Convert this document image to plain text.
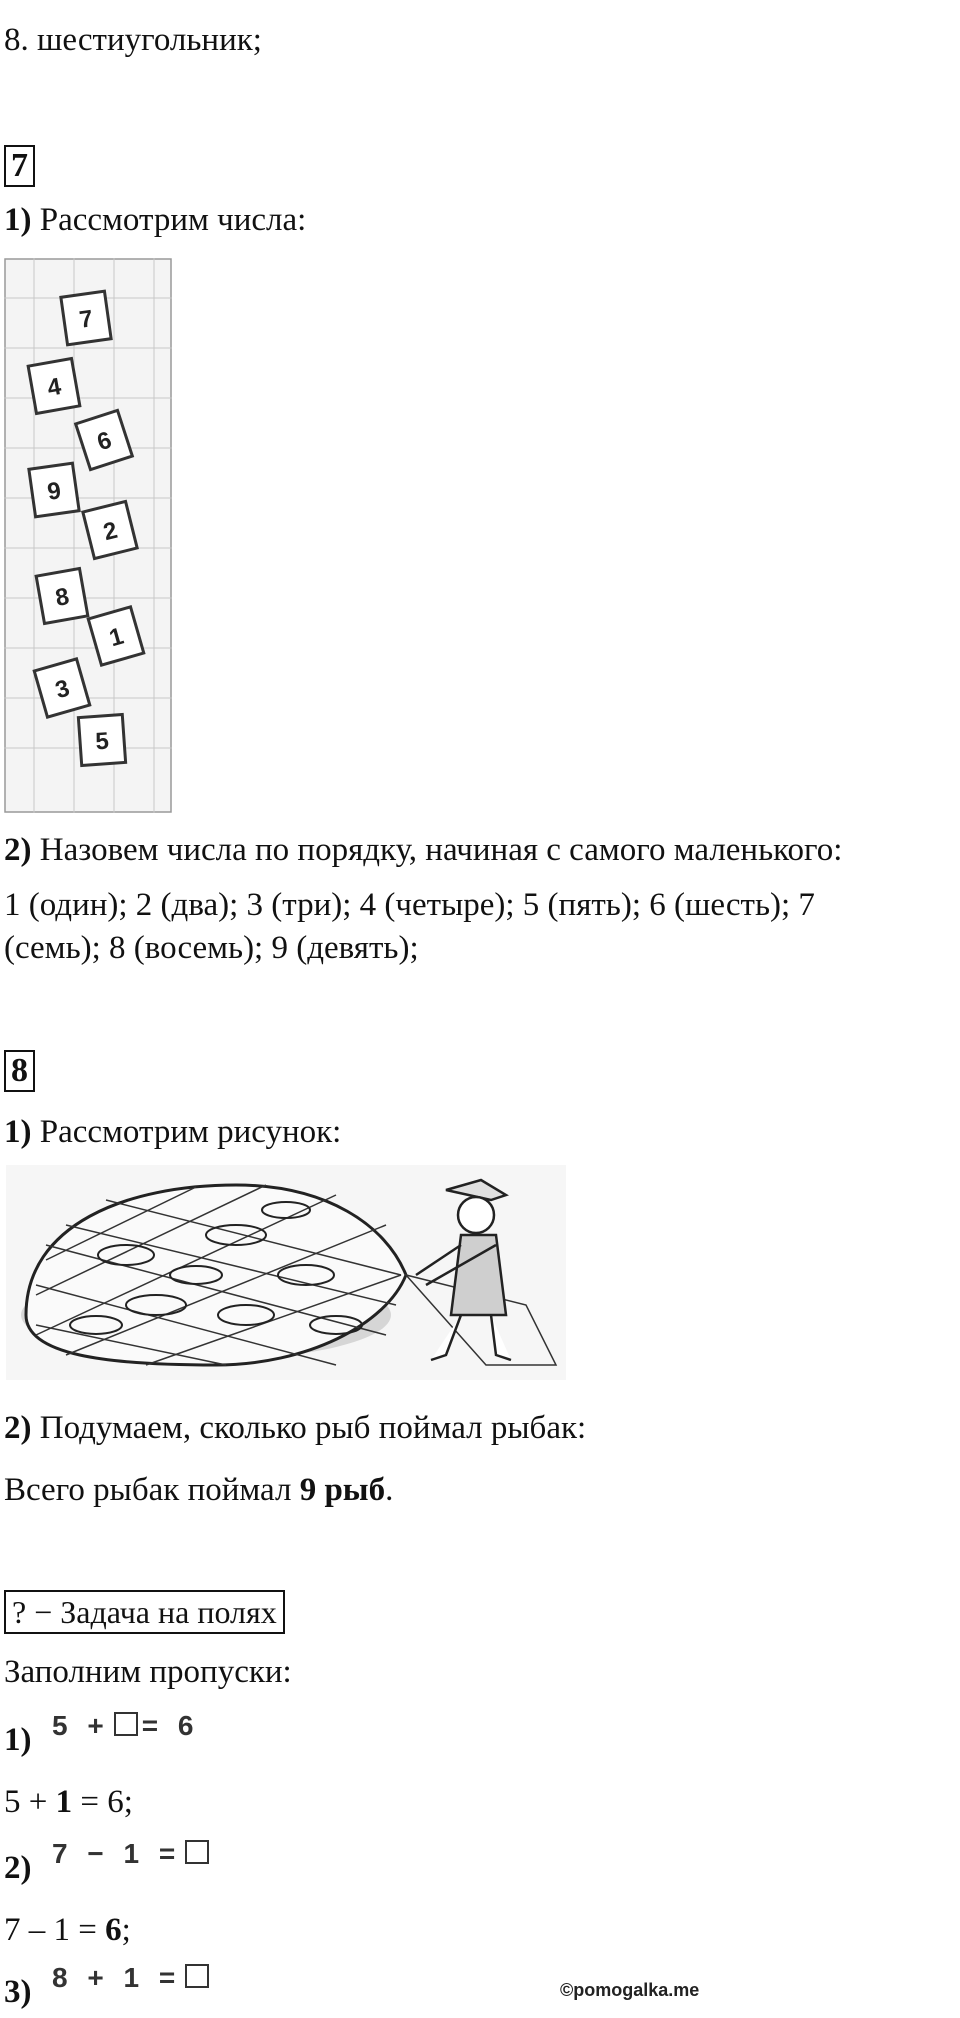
8. шестиугольник;
7
1) Рассмотрим числа:
7
4
6
9
2
8
1
3
5
2) Назовем числа по порядку, начиная с самого маленького:
1 (один); 2 (два); 3 (три); 4 (четыре); 5 (пять); 6 (шесть); 7
(семь); 8 (восемь); 9 (девять);
8
1) Рассмотрим рисунок:
2) Подумаем, сколько рыб поймал рыбак:
Всего рыбак поймал 9 рыб.
? − Задача на полях
Заполним пропуски:
1) 5 + = 6
5 + 1 = 6;
2) 7 − 1 =
7 – 1 = 6;
3) 8 + 1 =	©pomogalka.me
